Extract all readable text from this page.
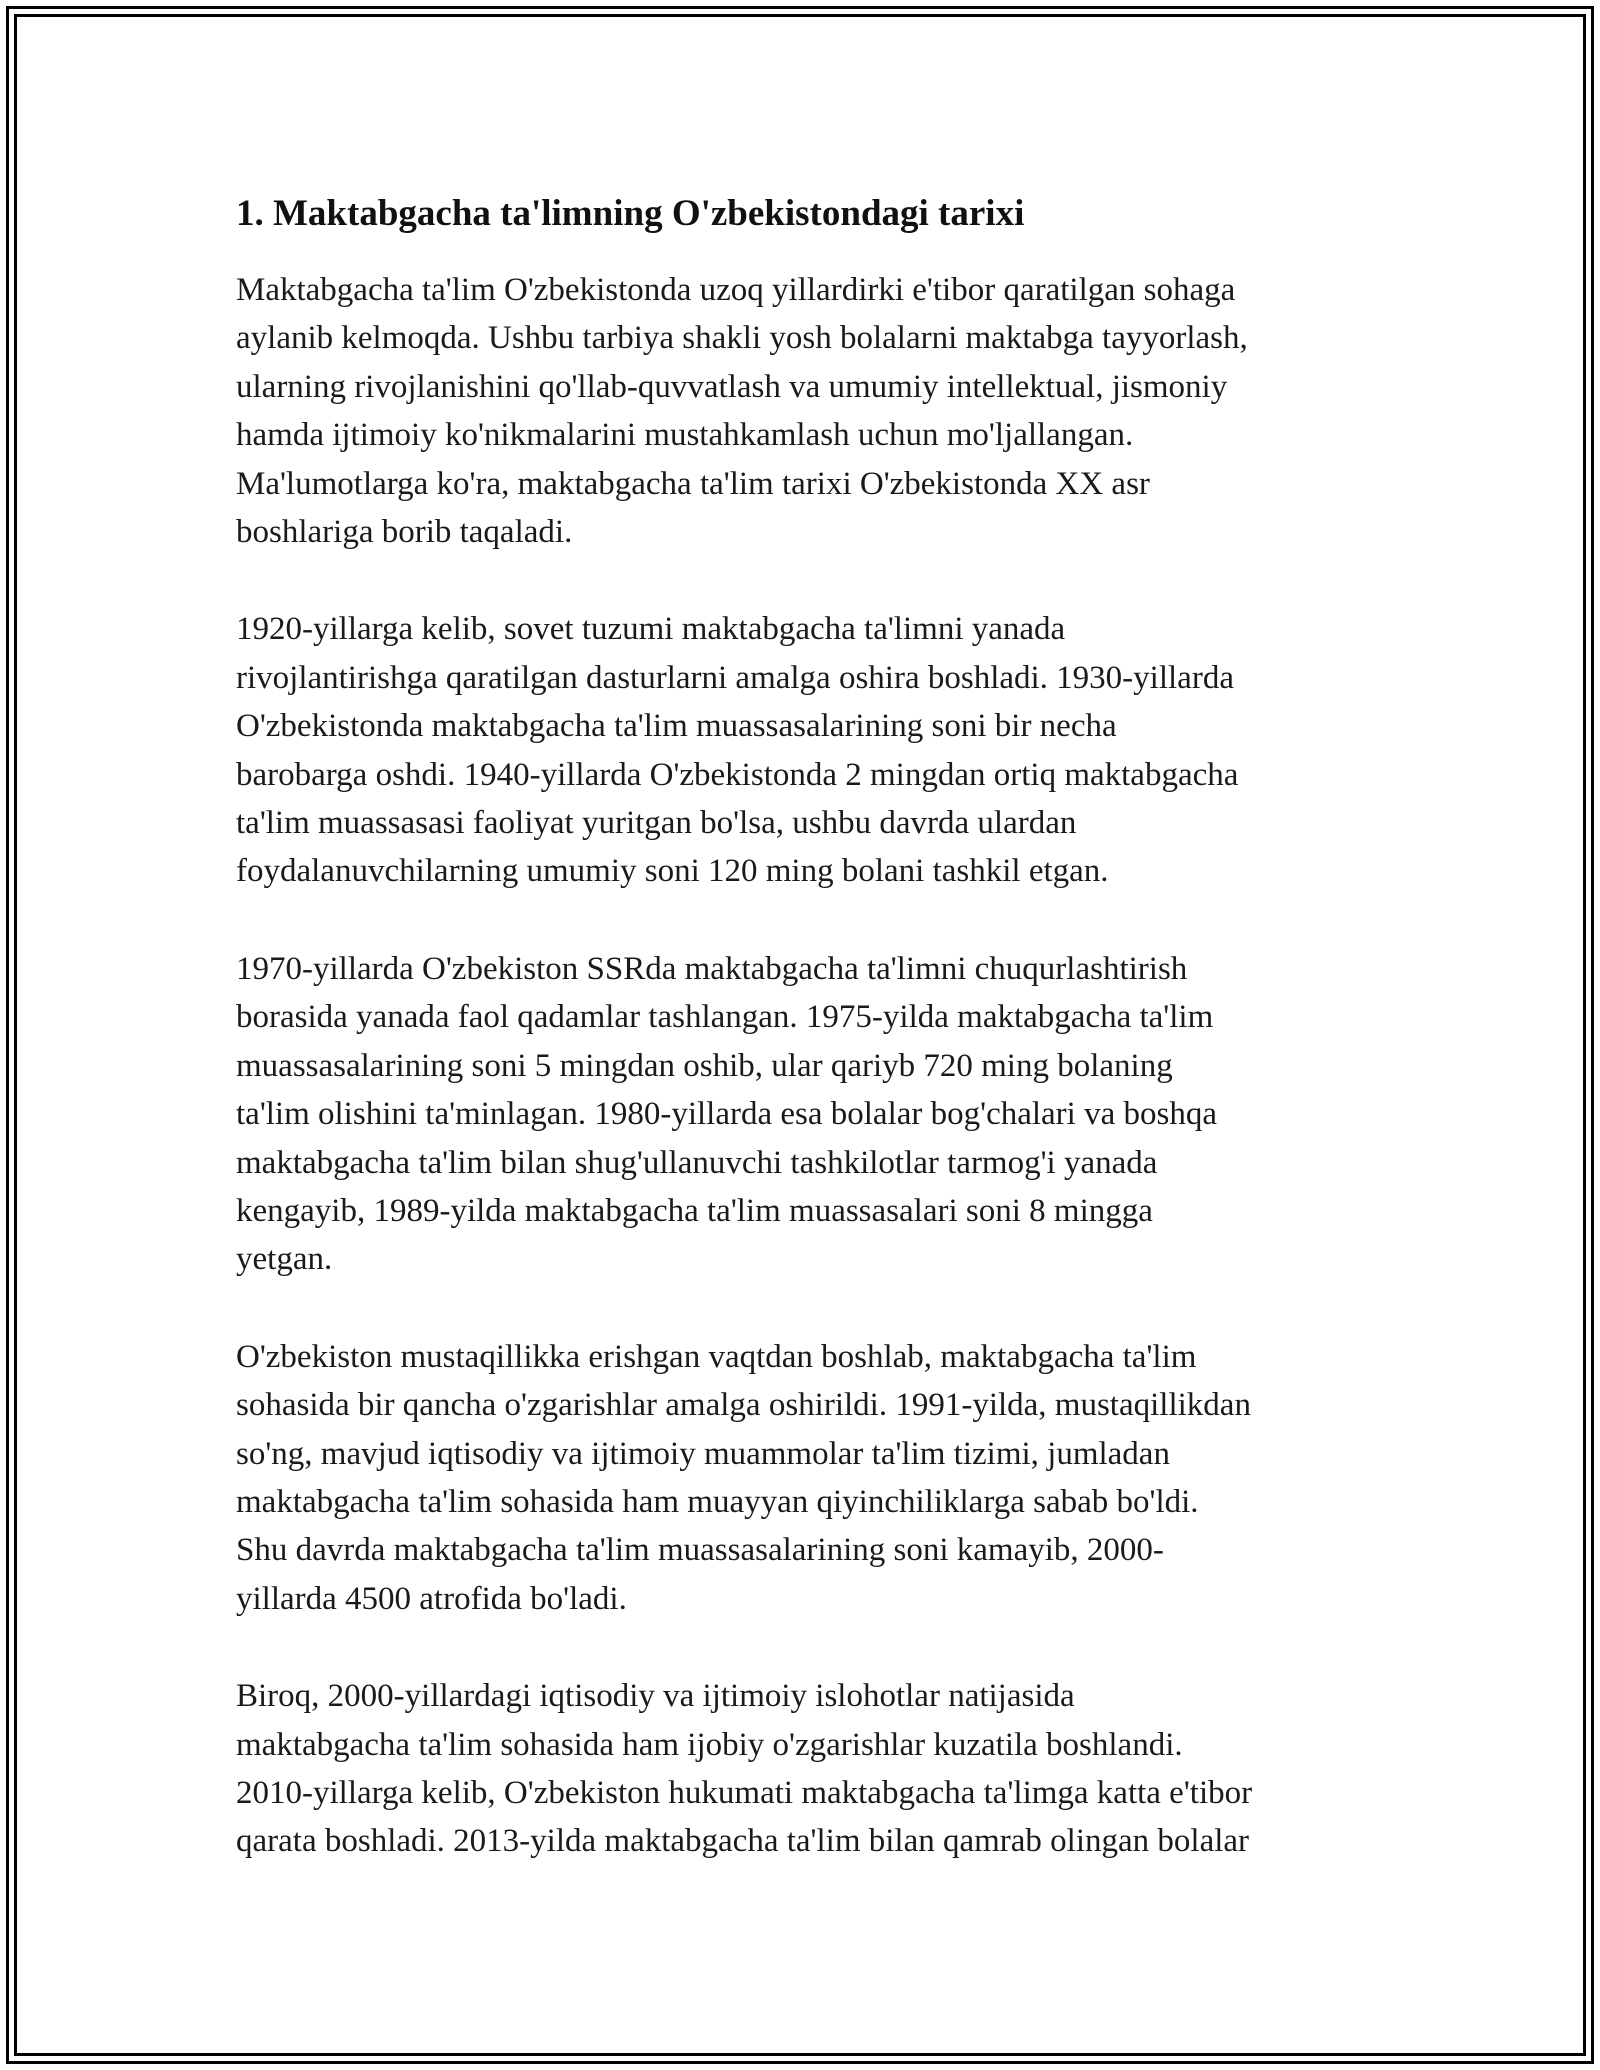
1. Maktabgacha ta'limning O'zbekistondagi tarixi

Maktabgacha ta'lim O'zbekistonda uzoq yillardirki e'tibor qaratilgan sohaga
aylanib kelmoqda. Ushbu tarbiya shakli yosh bolalarni maktabga tayyorlash,
ularning rivojlanishini qo'llab-quvvatlash va umumiy intellektual, jismoniy
hamda ijtimoiy ko'nikmalarini mustahkamlash uchun mo'ljallangan.
Ma'lumotlarga ko'ra, maktabgacha ta'lim tarixi O'zbekistonda XX asr
boshlariga borib taqaladi.

1920-yillarga kelib, sovet tuzumi maktabgacha ta'limni yanada
rivojlantirishga qaratilgan dasturlarni amalga oshira boshladi. 1930-yillarda
O'zbekistonda maktabgacha ta'lim muassasalarining soni bir necha
barobarga oshdi. 1940-yillarda O'zbekistonda 2 mingdan ortiq maktabgacha
ta'lim muassasasi faoliyat yuritgan bo'lsa, ushbu davrda ulardan
foydalanuvchilarning umumiy soni 120 ming bolani tashkil etgan.

1970-yillarda O'zbekiston SSRda maktabgacha ta'limni chuqurlashtirish
borasida yanada faol qadamlar tashlangan. 1975-yilda maktabgacha ta'lim
muassasalarining soni 5 mingdan oshib, ular qariyb 720 ming bolaning
ta'lim olishini ta'minlagan. 1980-yillarda esa bolalar bog'chalari va boshqa
maktabgacha ta'lim bilan shug'ullanuvchi tashkilotlar tarmog'i yanada
kengayib, 1989-yilda maktabgacha ta'lim muassasalari soni 8 mingga
yetgan.

O'zbekiston mustaqillikka erishgan vaqtdan boshlab, maktabgacha ta'lim
sohasida bir qancha o'zgarishlar amalga oshirildi. 1991-yilda, mustaqillikdan
so'ng, mavjud iqtisodiy va ijtimoiy muammolar ta'lim tizimi, jumladan
maktabgacha ta'lim sohasida ham muayyan qiyinchiliklarga sabab bo'ldi.
Shu davrda maktabgacha ta'lim muassasalarining soni kamayib, 2000-
yillarda 4500 atrofida bo'ladi.

Biroq, 2000-yillardagi iqtisodiy va ijtimoiy islohotlar natijasida
maktabgacha ta'lim sohasida ham ijobiy o'zgarishlar kuzatila boshlandi.
2010-yillarga kelib, O'zbekiston hukumati maktabgacha ta'limga katta e'tibor
qarata boshladi. 2013-yilda maktabgacha ta'lim bilan qamrab olingan bolalar
